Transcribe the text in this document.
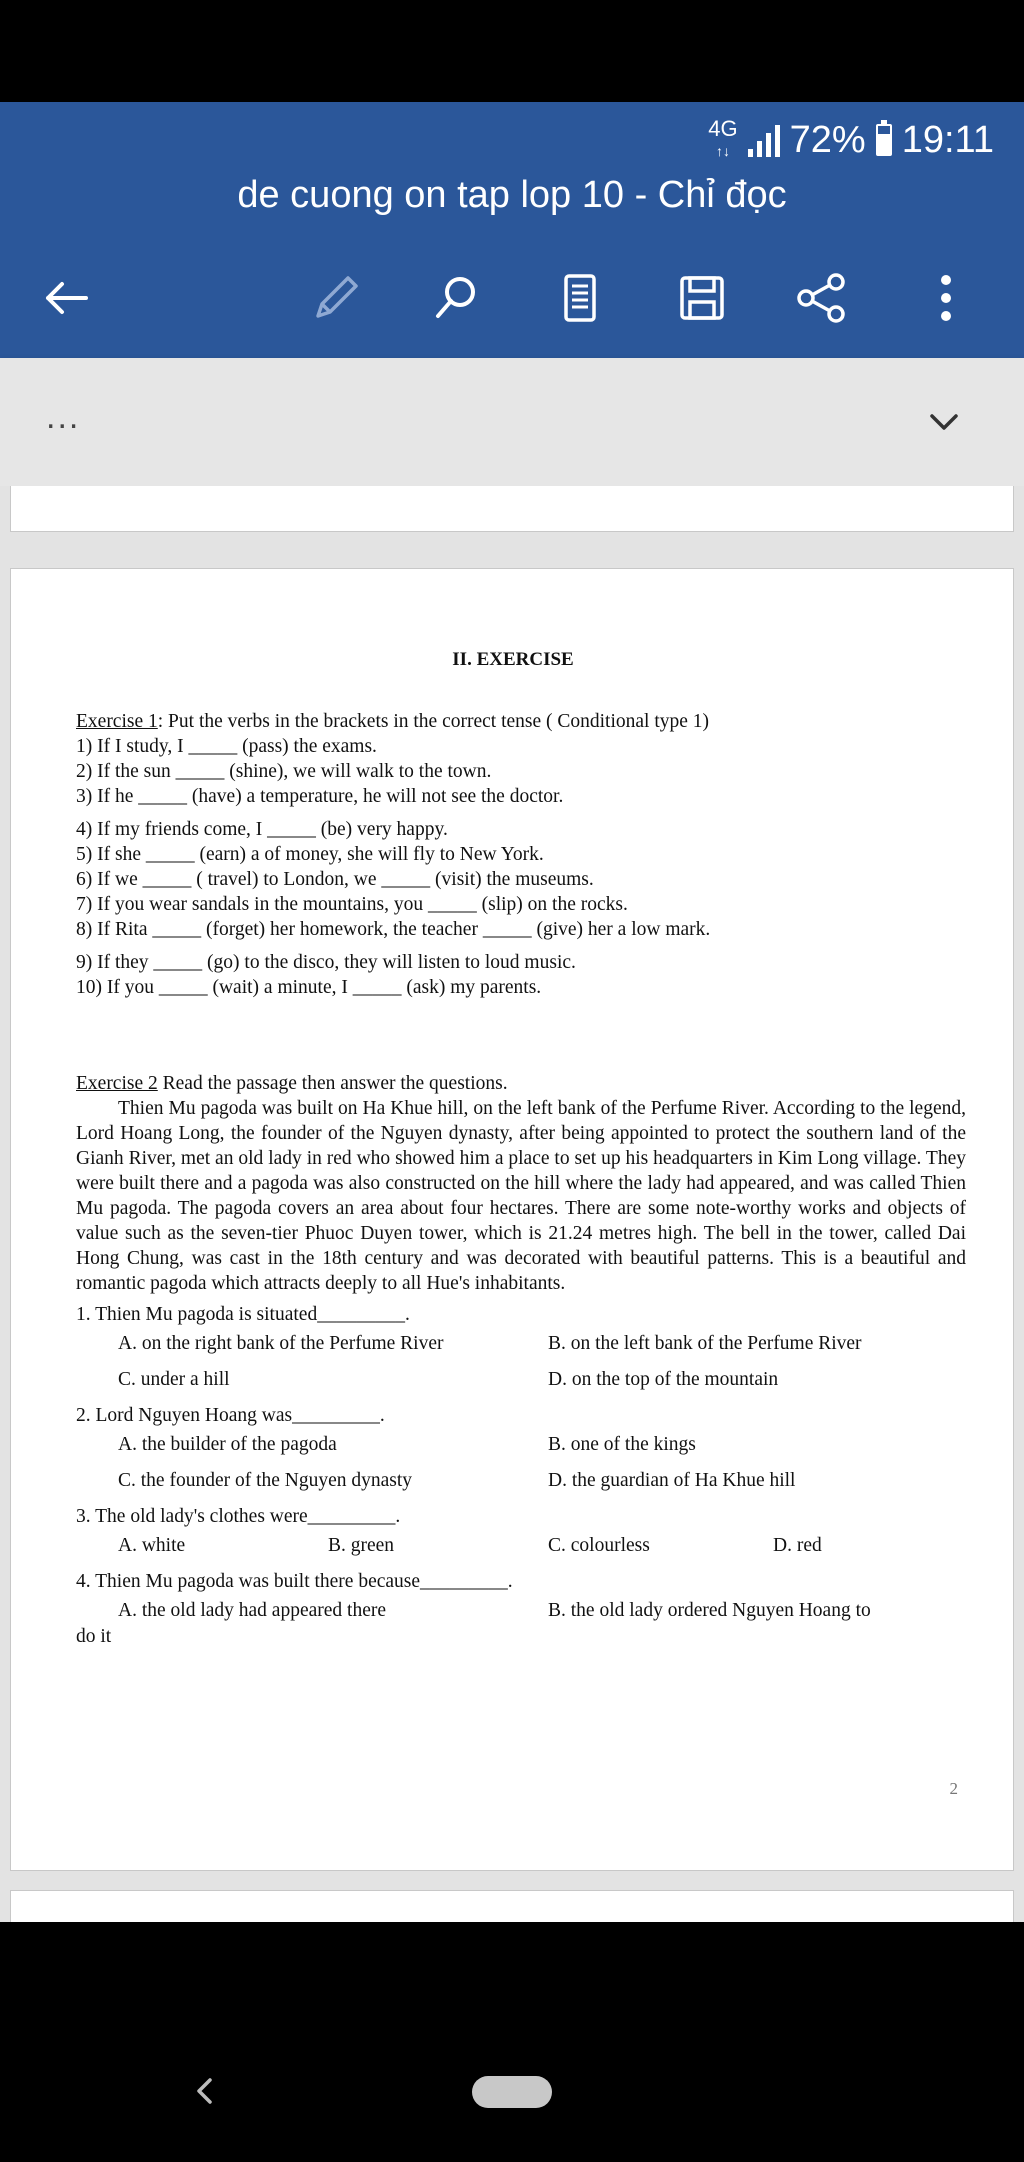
4G
↑↓ 72% 19:11
de cuong on tap lop 10 - Chỉ đọc
...
II. EXERCISE
Exercise 1: Put the verbs in the brackets in the correct tense ( Conditional type 1)
1) If I study, I _____ (pass) the exams.
2) If the sun _____ (shine), we will walk to the town.
3) If he _____ (have) a temperature, he will not see the doctor.
4) If my friends come, I _____ (be) very happy.
5) If she _____ (earn) a of money, she will fly to New York.
6) If we _____ ( travel) to London, we _____ (visit) the museums.
7) If you wear sandals in the mountains, you _____ (slip) on the rocks.
8) If Rita _____ (forget) her homework, the teacher _____ (give) her a low mark.
9) If they _____ (go) to the disco, they will listen to loud music.
10) If you _____ (wait) a minute, I _____ (ask) my parents.
Exercise 2 Read the passage then answer the questions.

Thien Mu pagoda was built on Ha Khue hill, on the left bank of the Perfume River. According to the legend, Lord Hoang Long, the founder of the Nguyen dynasty, after being appointed to protect the southern land of the Gianh River, met an old lady in red who showed him a place to set up his headquarters in Kim Long village. They were built there and a pagoda was also constructed on the hill where the lady had appeared, and was called Thien Mu pagoda. The pagoda covers an area about four hectares. There are some note-worthy works and objects of value such as the seven-tier Phuoc Duyen tower, which is 21.24 metres high. The bell in the tower, called Dai Hong Chung, was cast in the 18th century and was decorated with beautiful patterns. This is a beautiful and romantic pagoda which attracts deeply to all Hue's inhabitants.

1. Thien Mu pagoda is situated_________.
A. on the right bank of the Perfume River	B. on the left bank of the Perfume River
C. under a hill	D. on the top of the mountain
2. Lord Nguyen Hoang was_________.
A. the builder of the pagoda	B. one of the kings
C. the founder of the Nguyen dynasty	D. the guardian of Ha Khue hill
3. The old lady's clothes were_________.
A. white	B. green	C. colourless	D. red
4. Thien Mu pagoda was built there because_________.
A. the old lady had appeared there	B. the old lady ordered Nguyen Hoang to
do it
2
